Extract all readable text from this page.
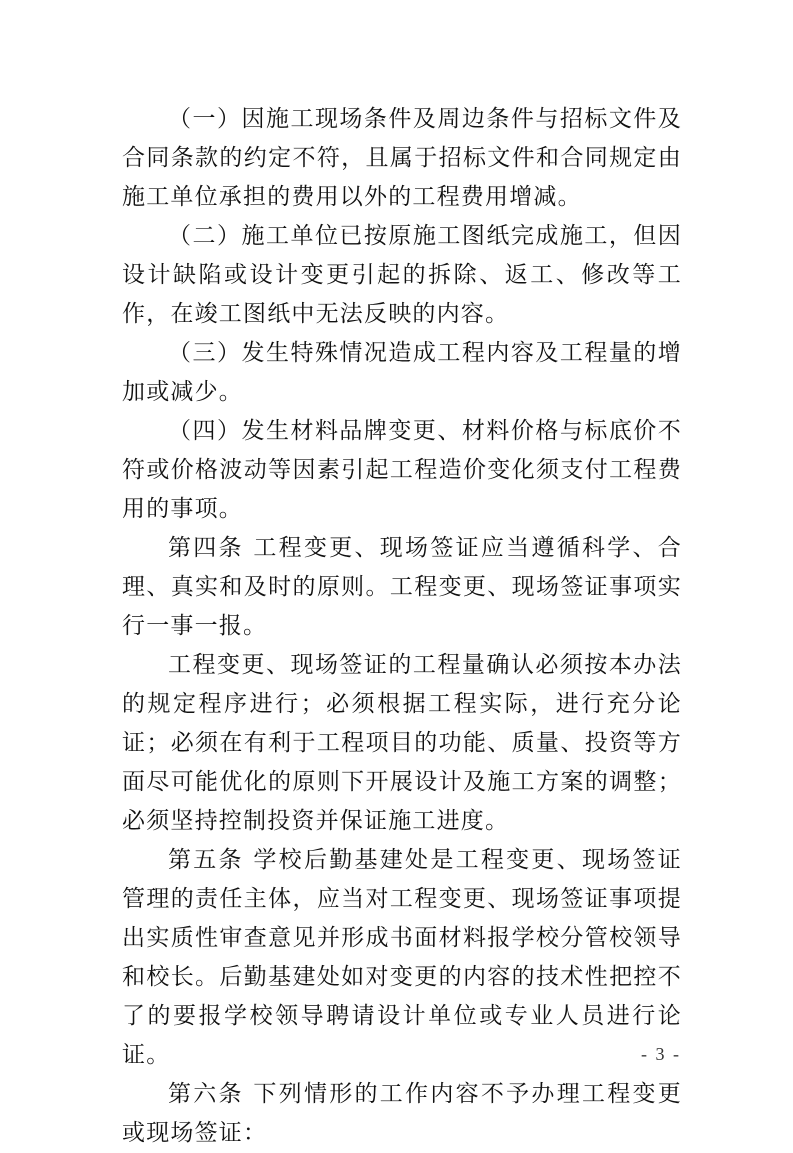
（一）因施工现场条件及周边条件与招标文件及合同条款的约定不符，且属于招标文件和合同规定由施工单位承担的费用以外的工程费用增减。

（二）施工单位已按原施工图纸完成施工，但因设计缺陷或设计变更引起的拆除、返工、修改等工作，在竣工图纸中无法反映的内容。

（三）发生特殊情况造成工程内容及工程量的增加或减少。

（四）发生材料品牌变更、材料价格与标底价不符或价格波动等因素引起工程造价变化须支付工程费用的事项。

第四条 工程变更、现场签证应当遵循科学、合理、真实和及时的原则。工程变更、现场签证事项实行一事一报。

工程变更、现场签证的工程量确认必须按本办法的规定程序进行；必须根据工程实际，进行充分论证；必须在有利于工程项目的功能、质量、投资等方面尽可能优化的原则下开展设计及施工方案的调整；必须坚持控制投资并保证施工进度。

第五条 学校后勤基建处是工程变更、现场签证管理的责任主体，应当对工程变更、现场签证事项提出实质性审查意见并形成书面材料报学校分管校领导和校长。后勤基建处如对变更的内容的技术性把控不了的要报学校领导聘请设计单位或专业人员进行论证。

第六条 下列情形的工作内容不予办理工程变更或现场签证：

- 3 -
